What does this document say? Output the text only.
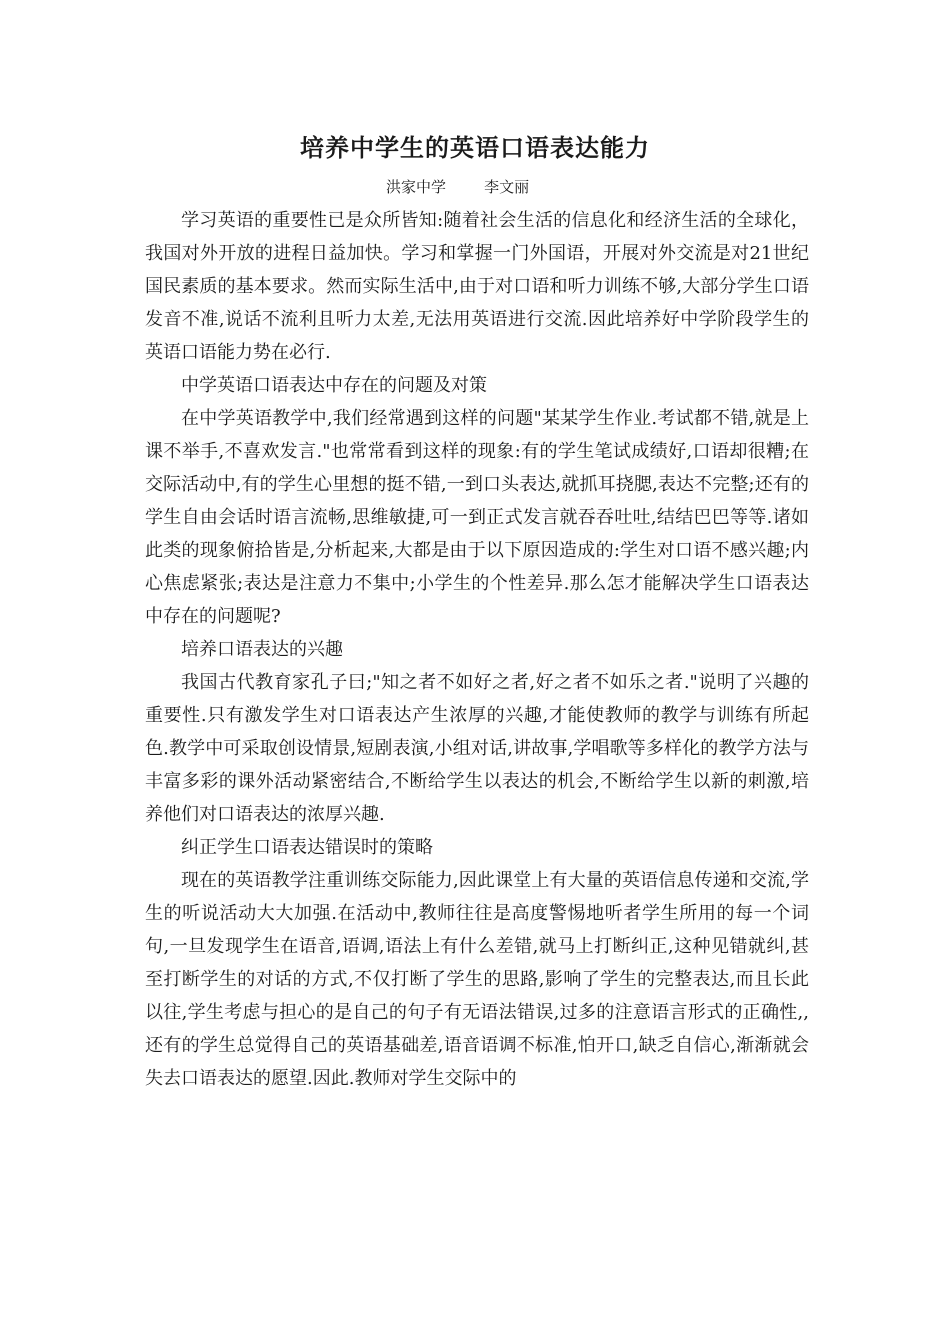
培养中学生的英语口语表达能力
洪家中学	李文丽

学习英语的重要性已是众所皆知:随着社会生活的信息化和经济生活的全球化，我国对外开放的进程日益加快。学习和掌握一门外国语，开展对外交流是对21世纪国民素质的基本要求。然而实际生活中,由于对口语和听力训练不够,大部分学生口语发音不准,说话不流利且听力太差,无法用英语进行交流.因此培养好中学阶段学生的英语口语能力势在必行.

中学英语口语表达中存在的问题及对策

在中学英语教学中,我们经常遇到这样的问题"某某学生作业.考试都不错,就是上课不举手,不喜欢发言."也常常看到这样的现象:有的学生笔试成绩好,口语却很糟;在交际活动中,有的学生心里想的挺不错,一到口头表达,就抓耳挠腮,表达不完整;还有的学生自由会话时语言流畅,思维敏捷,可一到正式发言就吞吞吐吐,结结巴巴等等.诸如此类的现象俯拾皆是,分析起来,大都是由于以下原因造成的:学生对口语不感兴趣;内心焦虑紧张;表达是注意力不集中;小学生的个性差异.那么怎才能解决学生口语表达中存在的问题呢?

培养口语表达的兴趣

我国古代教育家孔子曰;"知之者不如好之者,好之者不如乐之者."说明了兴趣的重要性.只有激发学生对口语表达产生浓厚的兴趣,才能使教师的教学与训练有所起色.教学中可采取创设情景,短剧表演,小组对话,讲故事,学唱歌等多样化的教学方法与丰富多彩的课外活动紧密结合,不断给学生以表达的机会,不断给学生以新的刺激,培养他们对口语表达的浓厚兴趣.

纠正学生口语表达错误时的策略

现在的英语教学注重训练交际能力,因此课堂上有大量的英语信息传递和交流,学生的听说活动大大加强.在活动中,教师往往是高度警惕地听者学生所用的每一个词句,一旦发现学生在语音,语调,语法上有什么差错,就马上打断纠正,这种见错就纠,甚至打断学生的对话的方式,不仅打断了学生的思路,影响了学生的完整表达,而且长此以往,学生考虑与担心的是自己的句子有无语法错误,过多的注意语言形式的正确性,,还有的学生总觉得自己的英语基础差,语音语调不标准,怕开口,缺乏自信心,渐渐就会失去口语表达的愿望.因此.教师对学生交际中的
